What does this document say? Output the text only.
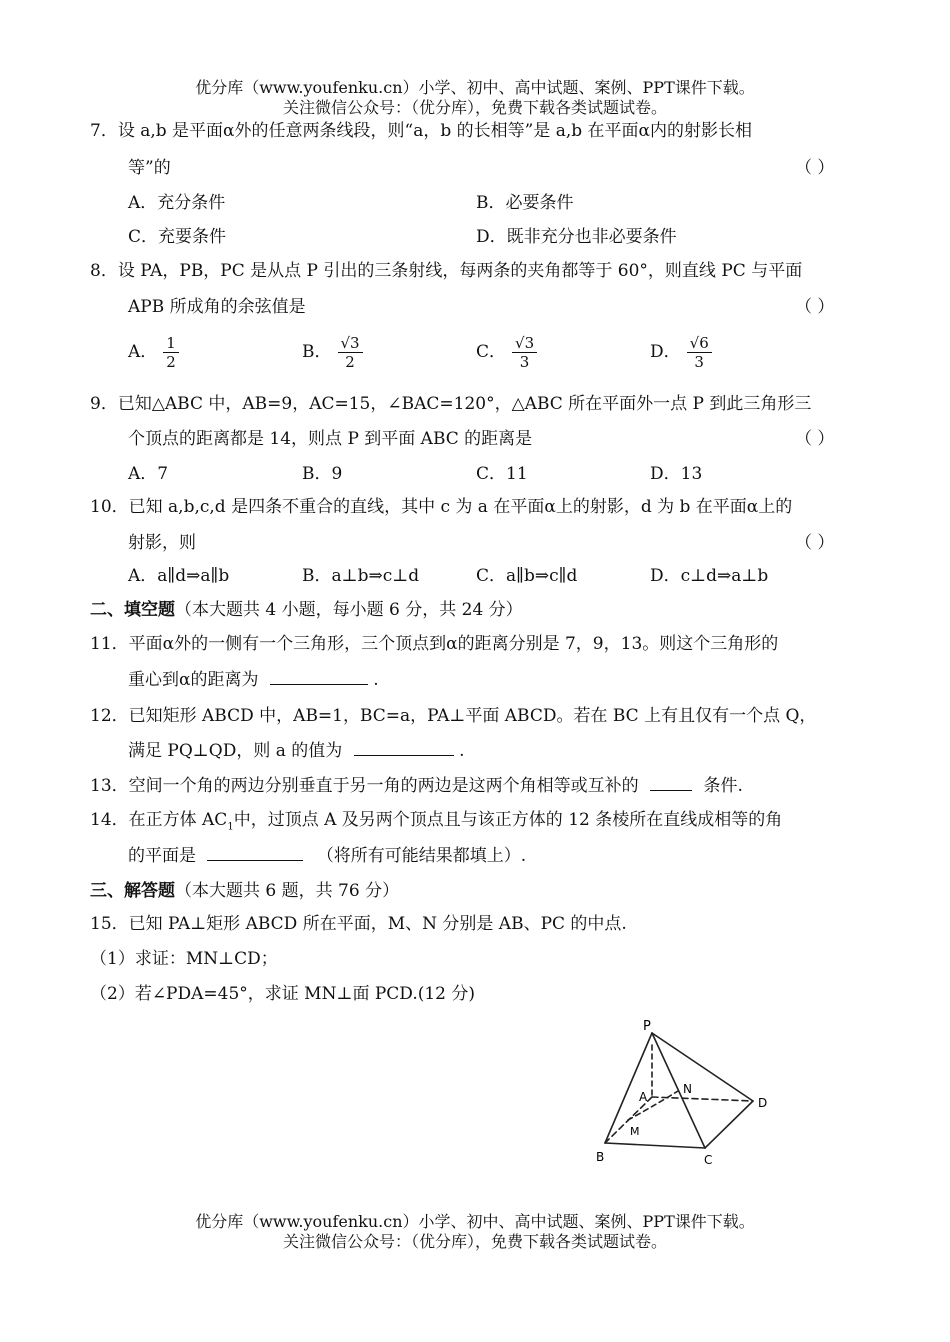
优分库（www.youfenku.cn）小学、初中、高中试题、案例、PPT课件下载。
关注微信公众号：（优分库），免费下载各类试题试卷。
7．设 a,b 是平面α外的任意两条线段，则“a，b 的长相等”是 a,b 在平面α内的射影长相
等”的	（ ）
A．充分条件	B．必要条件
C．充要条件	D．既非充分也非必要条件
8．设 PA，PB，PC 是从点 P 引出的三条射线，每两条的夹角都等于 60°，则直线 PC 与平面
APB 所成角的余弦值是	（ ）
A． $\frac{1}{2}$	B． $\frac{√3}{2}$	C． $\frac{√3}{3}$	D． $\frac{√6}{3}$
9．已知△ABC 中，AB=9，AC=15，∠BAC=120°，△ABC 所在平面外一点 P 到此三角形三
个顶点的距离都是 14，则点 P 到平面 ABC 的距离是	（ ）
A．7	B．9	C．11	D．13
10．已知 a,b,c,d 是四条不重合的直线，其中 c 为 a 在平面α上的射影，d 为 b 在平面α上的
射影，则	（ ）
A．a∥d⇒a∥b	B．a⊥b⇒c⊥d	C．a∥b⇒c∥d	D．c⊥d⇒a⊥b
二、填空题（本大题共 4 小题，每小题 6 分，共 24 分）
11．平面α外的一侧有一个三角形，三个顶点到α的距离分别是 7，9，13。则这个三角形的
重心到α的距离为	.
12．已知矩形 ABCD 中，AB=1，BC=a，PA⊥平面 ABCD。若在 BC 上有且仅有一个点 Q，
满足 PQ⊥QD，则 a 的值为	.
13．空间一个角的两边分别垂直于另一角的两边是这两个角相等或互补的	条件.
14．在正方体 $AC_1$中，过顶点 A 及另两个顶点且与该正方体的 12 条棱所在直线成相等的角
的平面是	（将所有可能结果都填上）.
三、解答题（本大题共 6 题，共 76 分）
15．已知 PA⊥矩形 ABCD 所在平面，M、N 分别是 AB、PC 的中点.
（1）求证：MN⊥CD；
（2）若∠PDA=45°，求证 MN⊥面 PCD.(12 分)
P
A
B	C
D
M
N
优分库（www.youfenku.cn）小学、初中、高中试题、案例、PPT课件下载。
关注微信公众号：（优分库），免费下载各类试题试卷。
